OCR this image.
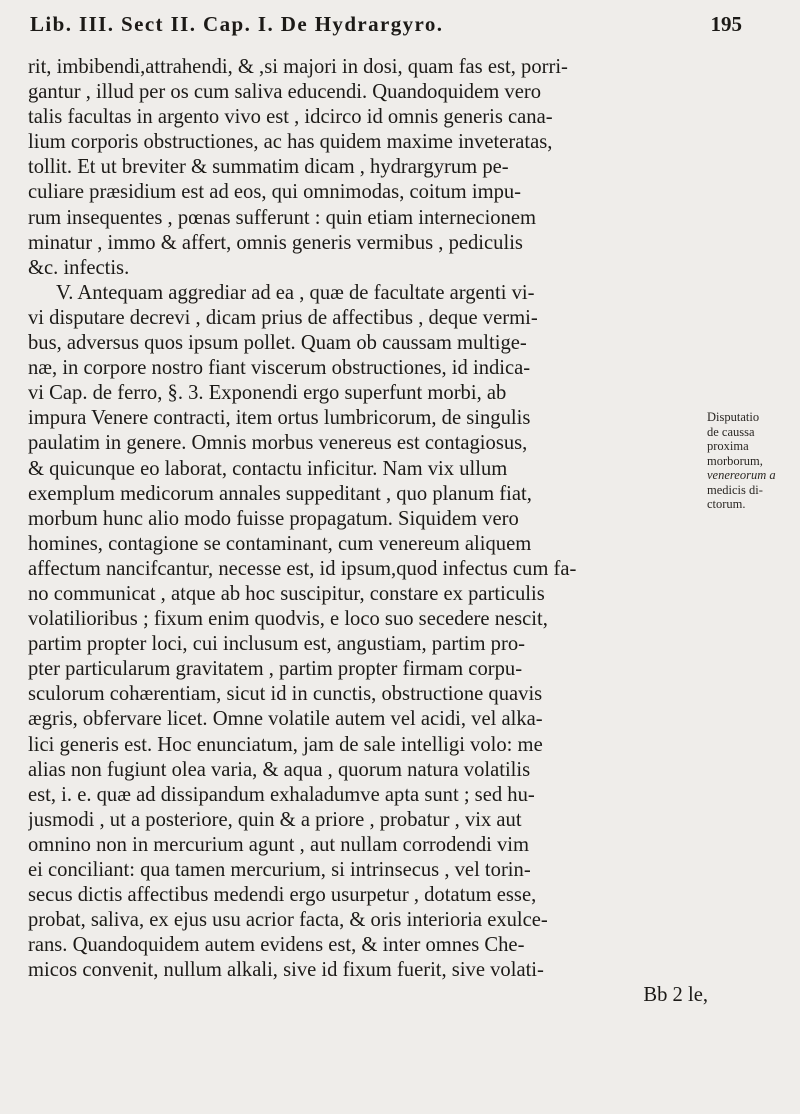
Lib. III. Sect II. Cap. I. De Hydrargyro.	195
rit, imbibendi,attrahendi, & ,si majori in dosi, quam fas est, porri-
gantur , illud per os cum saliva educendi. Quandoquidem vero
talis facultas in argento vivo est , idcirco id omnis generis cana-
lium corporis obstructiones, ac has quidem maxime inveteratas,
tollit. Et ut breviter & summatim dicam , hydrargyrum pe-
culiare præsidium est ad eos, qui omnimodas, coitum impu-
rum insequentes , pœnas sufferunt : quin etiam internecionem
minatur , immo & affert, omnis generis vermibus , pediculis
&c. infectis.
V. Antequam aggrediar ad ea , quæ de facultate argenti vi-
vi disputare decrevi , dicam prius de affectibus , deque vermi-
bus, adversus quos ipsum pollet. Quam ob caussam multige-
næ, in corpore nostro fiant viscerum obstructiones, id indica-
vi Cap. de ferro, §. 3. Exponendi ergo superfunt morbi, ab
impura Venere contracti, item ortus lumbricorum, de singulis
paulatim in genere. Omnis morbus venereus est contagiosus,
& quicunque eo laborat, contactu inficitur. Nam vix ullum
exemplum medicorum annales suppeditant , quo planum fiat,
morbum hunc alio modo fuisse propagatum. Siquidem vero
homines, contagione se contaminant, cum venereum aliquem
affectum nancifcantur, necesse est, id ipsum,quod infectus cum fa-
no communicat , atque ab hoc suscipitur, constare ex particulis
volatilioribus ; fixum enim quodvis, e loco suo secedere nescit,
partim propter loci, cui inclusum est, angustiam, partim pro-
pter particularum gravitatem , partim propter firmam corpu-
sculorum cohærentiam, sicut id in cunctis, obstructione quavis
ægris, obfervare licet. Omne volatile autem vel acidi, vel alka-
lici generis est. Hoc enunciatum, jam de sale intelligi volo: me
alias non fugiunt olea varia, & aqua , quorum natura volatilis
est, i. e. quæ ad dissipandum exhaladumve apta sunt ; sed hu-
jusmodi , ut a posteriore, quin & a priore , probatur , vix aut
omnino non in mercurium agunt , aut nullam corrodendi vim
ei conciliant: qua tamen mercurium, si intrinsecus , vel torin-
secus dictis affectibus medendi ergo usurpetur , dotatum esse,
probat, saliva, ex ejus usu acrior facta, & oris interioria exulce-
rans. Quandoquidem autem evidens est, & inter omnes Che-
micos convenit, nullum alkali, sive id fixum fuerit, sive volati-
Bb 2 le,
Disputatio
de caussa
proxima
morborum,
venereorum a
medicis di-
ctorum.
